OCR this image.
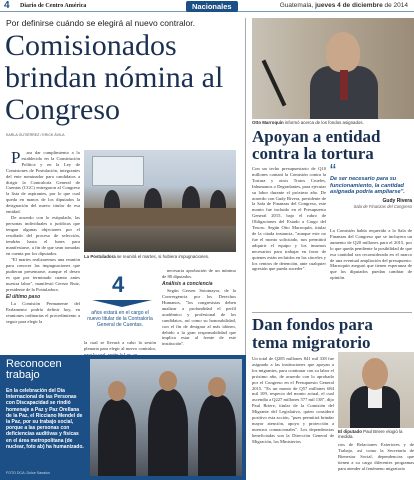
4	Diario de Centro América	Nacionales	Guatemala, jueves 4 de diciembre de 2014
Por definirse cuándo se elegirá al nuevo contralor.
Comisionados brindan nómina al Congreso
KARLA GUTIÉRREZ / ERICK ÁVILA

P ara dar cumplimiento a lo establecido en la Constitución Política y en la Ley de Comisiones de Postulación, integrantes del ente nominador para candidatos a dirigir la Contraloría General de Cuentas (CGC) entregaron al Congreso la lista de aspirantes, por lo que cual queda en manos de los diputados la designación del nuevo titular de esa entidad.

De acuerdo con lo estipulado, las personas individuales o jurídicas que tengan algunas objeciones por el resultado del proceso de selección, tendrán hasta el lunes para manifestarse, a fin de que sean tomadas en cuenta por los diputados.

"El martes realizaremos una reunión para conocer las impugnaciones que pudieran presentarse, aunque el deseo es que por terminado cuanto antes nuestra labor", manifestó Cerezo Ruiz, presidente de la Postuladora.

El último paso

La Comisión Permanente del Parlamento podría definir hoy, en reuniones ordinarias el procedimiento a seguir para elegir la

La Postuladora se reunirá el martes, si hubiera impugnaciones.
4
años estará en el cargo el nuevo titular de la Contraloría General de Cuentas.
la cual se llevará a cabo la sesión plenaria para elegir al nuevo contralor,

necesaria aprobación de un mínimo de 80 diputados.

Análisis a conciencia

Según Gersen Sotomayor, de la Convergencia por los Derechos Humanos, "los congresistas deben analizar a profundidad el perfil académico y profesional de los candidatos, así como su honorabilidad, con el fin de designar al más idóneo, debido a la gran responsabilidad que implica estar al frente de este institución".

Otto Marroquín informó acerca de los fondos asignados.
Apoyan a entidad contra la tortura
Con un techo presupuestario de Q10 millones contará la Comisión contra la Tortura y otros Tratos Crueles, Inhumanos o Degradantes, para ejecutar su labor durante el próximo año. De acuerdo con Gudy Rivera, presidente de la Sala de Finanzas del Congreso, este monto fue incluido en el Presupuesto General 2015, bajo el rubro de Obligaciones del Estado a Cargo del Tesoro. Según Otto Marroquín, titular de la citada instancia, "aunque este no fue el monto solicitado, nos permitirá adquirir el equipo y los insumos necesarios para trabajar en favor de quienes están recluidos en las cárceles y los centros de detención, ante cualquier agresión que pueda suceder".
“
De ser necesario para su funcionamiento, la cantidad asignada podría ampliarse".
Gudy Rivera
Sala de Finanzas del Congreso
La Comisión había requerido a la Sala de Finanzas del Congreso que se incluyera un aumento de Q20 millones para el 2015, por lo que queda pendiente la posibilidad de que esa cantidad sea reconsiderada en el marco de una eventual ampliación del presupuesto. Marroquín aseguró que tienen esperanza de que los diputados puedan cambiar de opinión.
Dan fondos para tema migratorio
Un total de Q285 millones 841 mil 338 fue asignado a las instituciones que apoyan a los migrantes, para continuar con su labor el próximo año, de acuerdo con lo aprobado por el Congreso en el Presupuesto General 2015. "Es un monto de Q57 millones 684 mil 109, respecto del monto actual, el cual ascendía a Q227 millones 577 mil 138", dijo Paul Briere, titular de la Comisión del Migrante del Legislativo, quien consideró positivo esta acción, "pues permitirá brindar mayor atención, apoyo y protección a nuestros connacionales". Los dependencias beneficiadas son la Dirección General de Migración, los Ministerios
El diputado Paul Briere elogió la medida.
rios de Relaciones Exteriores y de Trabajo, así como la Secretaría de Bienestar Social, dependencias que tienen a su cargo diferentes programas para atender al fenómeno migratorio
Reconocen trabajo
En la celebración del Día Internacional de las Personas con Discapacidad se rindió homenaje a Paz y Paz Orellana de la Paz, el Ricciano Mendel de la Paz, por su trabajo social, porque a las personas con deficiencias auditivas y físicas en el área metropolitana (de nuclear, foto ab) ha humanizado.
FOTO DCA: Dulce Sanalon
